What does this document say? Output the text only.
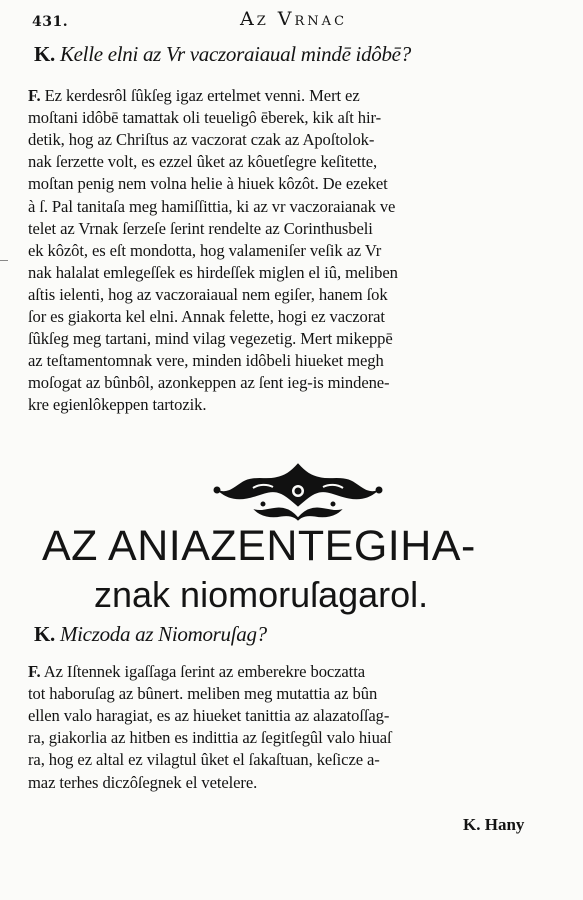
431.	Az Vrnac
K. Kelle elni az Vr vaczoraiaual mindē idôbē?
F. Ez kerdesrôl ſûkſeg igaz ertelmet venni. Mert ez
moſtani idôbē tamattak oli teueligô ēberek, kik aſt hir-
detik, hog az Chriſtus az vaczorat czak az Apoſtolok-
nak ſerzette volt, es ezzel ûket az kôuetſegre keſitette,
moſtan penig nem volna helie à hiuek kôzôt. De ezeket
à ſ. Pal tanitaſa meg hamiſſittia, ki az vr vaczoraianak ve
telet az Vrnak ſerzeſe ſerint rendelte az Corinthusbeli
ek kôzôt, es eſt mondotta, hog valameniſer veſik az Vr
nak halalat emlegeſſek es hirdeſſek miglen el iû, meliben
aſtis ielenti, hog az vaczoraiaual nem egiſer, hanem ſok
ſor es giakorta kel elni. Annak felette, hogi ez vaczorat
ſûkſeg meg tartani, mind vilag vegezetig. Mert mikeppē
az teſtamentomnak vere, minden idôbeli hiueket megh
moſogat az bûnbôl, azonkeppen az ſent ieg-is mindene-
kre egienlôkeppen tartozik.
AZ ANIAZENTEGIHA-
znak niomoruſagarol.
K. Miczoda az Niomoruſag?
F. Az Iſtennek igaſſaga ſerint az emberekre boczatta
tot haboruſag az bûnert. meliben meg mutattia az bûn
ellen valo haragiat, es az hiueket tanittia az alazatoſſag-
ra, giakorlia az hitben es indittia az ſegitſegûl valo hiuaſ
ra, hog ez altal ez vilagtul ûket el ſakaſtuan, keſicze a-
maz terhes diczôſegnek el vetelere.
K. Hany
